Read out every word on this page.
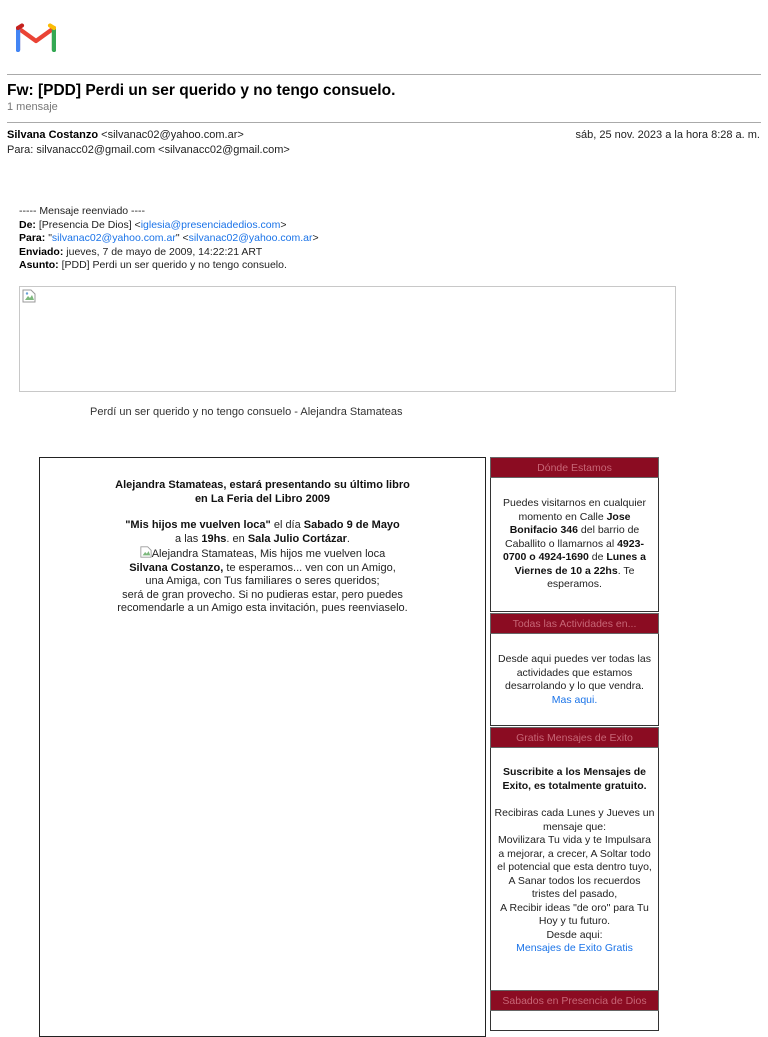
Fw: [PDD] Perdi un ser querido y no tengo consuelo.
1 mensaje
Silvana Costanzo <silvanac02@yahoo.com.ar>	sáb, 25 nov. 2023 a la hora 8:28 a. m.
Para: silvanacc02@gmail.com <silvanacc02@gmail.com>
----- Mensaje reenviado ----
De: [Presencia De Dios] <iglesia@presenciadedios.com>
Para: "silvanac02@yahoo.com.ar" <silvanac02@yahoo.com.ar>
Enviado: jueves, 7 de mayo de 2009, 14:22:21 ART
Asunto: [PDD] Perdi un ser querido y no tengo consuelo.
Perdí un ser querido y no tengo consuelo - Alejandra Stamateas
Alejandra Stamateas, estará presentando su último libro
en La Feria del Libro 2009
"Mis hijos me vuelven loca" el día Sabado 9 de Mayo
a las 19hs. en Sala Julio Cortázar.
Alejandra Stamateas, Mis hijos me vuelven loca
Silvana Costanzo, te esperamos... ven con un Amigo,
una Amiga, con Tus familiares o seres queridos;
será de gran provecho. Si no pudieras estar, pero puedes
recomendarle a un Amigo esta invitación, pues reenviaselo.
Dónde Estamos
Puedes visitarnos en cualquier momento en Calle Jose Bonifacio 346 del barrio de Caballito o llamarnos al 4923-0700 o 4924-1690 de Lunes a Viernes de 10 a 22hs. Te esperamos.
Todas las Actividades en...
Desde aqui puedes ver todas las actividades que estamos desarrolando y lo que vendra.
Mas aqui.
Gratis Mensajes de Exito
Suscribite a los Mensajes de Exito, es totalmente gratuito.
Recibiras cada Lunes y Jueves un mensaje que:
Movilizara Tu vida y te Impulsara a mejorar, a crecer, A Soltar todo el potencial que esta dentro tuyo,
A Sanar todos los recuerdos tristes del pasado,
A Recibir ideas "de oro" para Tu Hoy y tu futuro.
Desde aqui:
Mensajes de Exito Gratis
Sabados en Presencia de Dios
